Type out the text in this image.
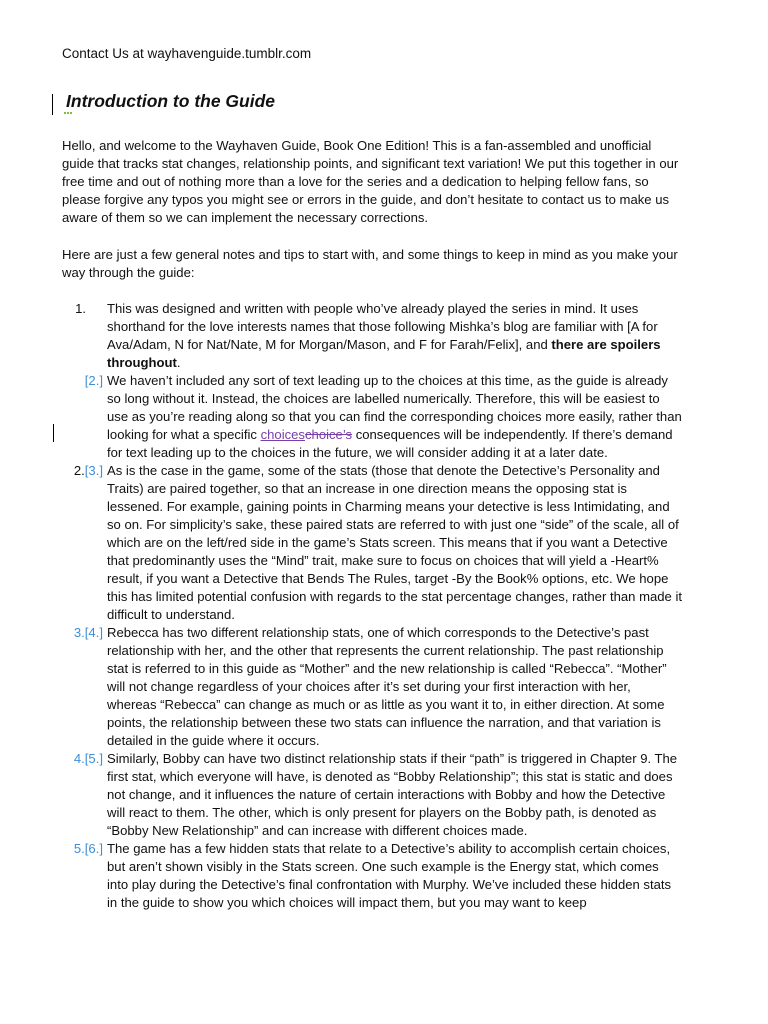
Contact Us at wayhavenguide.tumblr.com
Introduction to the Guide

Hello, and welcome to the Wayhaven Guide, Book One Edition! This is a fan-assembled and unofficial guide that tracks stat changes, relationship points, and significant text variation! We put this together in our free time and out of nothing more than a love for the series and a dedication to helping fellow fans, so please forgive any typos you might see or errors in the guide, and don’t hesitate to contact us to make us aware of them so we can implement the necessary corrections.

Here are just a few general notes and tips to start with, and some things to keep in mind as you make your way through the guide:

1.	This was designed and written with people who’ve already played the series in mind. It uses shorthand for the love interests names that those following Mishka’s blog are familiar with [A for Ava/Adam, N for Nat/Nate, M for Morgan/Mason, and F for Farah/Felix], and there are spoilers throughout.
[2.] We haven’t included any sort of text leading up to the choices at this time, as the guide is already so long without it. Instead, the choices are labelled numerically. Therefore, this will be easiest to use as you’re reading along so that you can find the corresponding choices more easily, rather than looking for what a specific choiceschoice’s consequences will be independently. If there’s demand for text leading up to the choices in the future, we will consider adding it at a later date.
2.[3.] As is the case in the game, some of the stats (those that denote the Detective’s Personality and Traits) are paired together, so that an increase in one direction means the opposing stat is lessened. For example, gaining points in Charming means your detective is less Intimidating, and so on. For simplicity’s sake, these paired stats are referred to with just one “side” of the scale, all of which are on the left/red side in the game’s Stats screen. This means that if you want a Detective that predominantly uses the “Mind” trait, make sure to focus on choices that will yield a -Heart% result, if you want a Detective that Bends The Rules, target -By the Book% options, etc. We hope this has limited potential confusion with regards to the stat percentage changes, rather than made it difficult to understand.
3.[4.] Rebecca has two different relationship stats, one of which corresponds to the Detective’s past relationship with her, and the other that represents the current relationship. The past relationship stat is referred to in this guide as “Mother” and the new relationship is called “Rebecca”. “Mother” will not change regardless of your choices after it’s set during your first interaction with her, whereas “Rebecca” can change as much or as little as you want it to, in either direction. At some points, the relationship between these two stats can influence the narration, and that variation is detailed in the guide where it occurs.
4.[5.] Similarly, Bobby can have two distinct relationship stats if their “path” is triggered in Chapter 9. The first stat, which everyone will have, is denoted as “Bobby Relationship”; this stat is static and does not change, and it influences the nature of certain interactions with Bobby and how the Detective will react to them. The other, which is only present for players on the Bobby path, is denoted as “Bobby New Relationship” and can increase with different choices made.
5.[6.] The game has a few hidden stats that relate to a Detective’s ability to accomplish certain choices, but aren’t shown visibly in the Stats screen. One such example is the Energy stat, which comes into play during the Detective’s final confrontation with Murphy. We’ve included these hidden stats in the guide to show you which choices will impact them, but you may want to keep
